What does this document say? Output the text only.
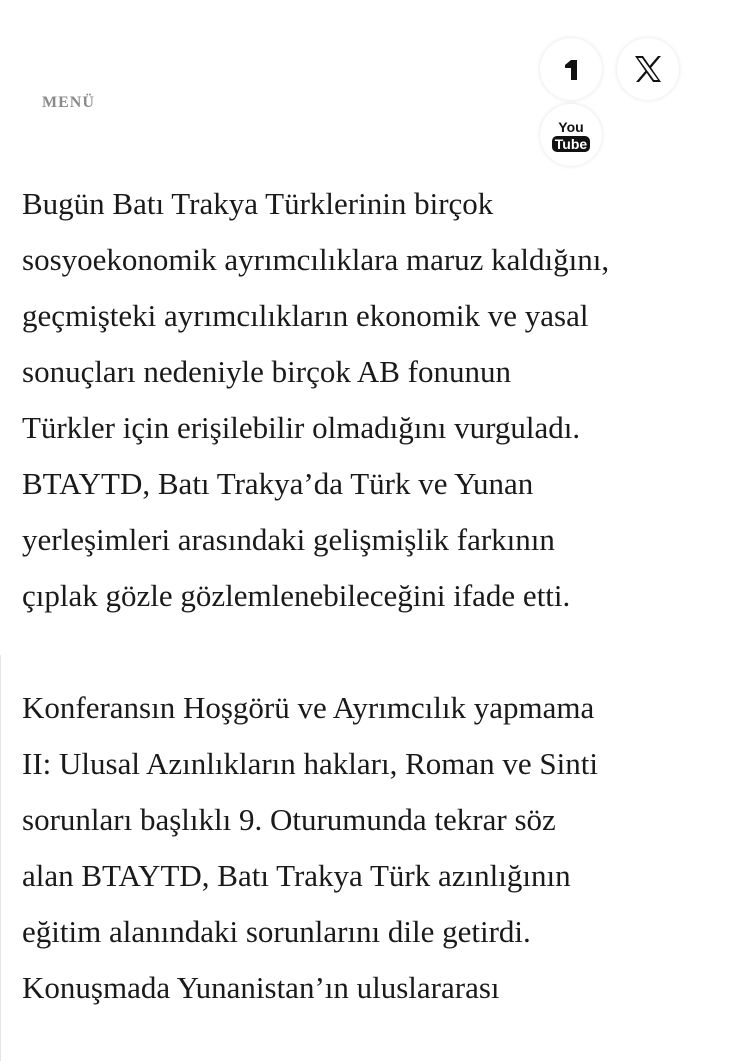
MENÜ
You
Tube

Bugün Batı Trakya Türklerinin birçok
sosyoekonomik ayrımcılıklara maruz kaldığını,
geçmişteki ayrımcılıkların ekonomik ve yasal
sonuçları nedeniyle birçok AB fonunun
Türkler için erişilebilir olmadığını vurguladı.
BTAYTD, Batı Trakya’da Türk ve Yunan
yerleşimleri arasındaki gelişmişlik farkının
çıplak gözle gözlemlenebileceğini ifade etti.

Konferansın Hoşgörü ve Ayrımcılık yapmama
II: Ulusal Azınlıkların hakları, Roman ve Sinti
sorunları başlıklı 9. Oturumunda tekrar söz
alan BTAYTD, Batı Trakya Türk azınlığının
eğitim alanındaki sorunlarını dile getirdi.
Konuşmada Yunanistan’ın uluslararası
